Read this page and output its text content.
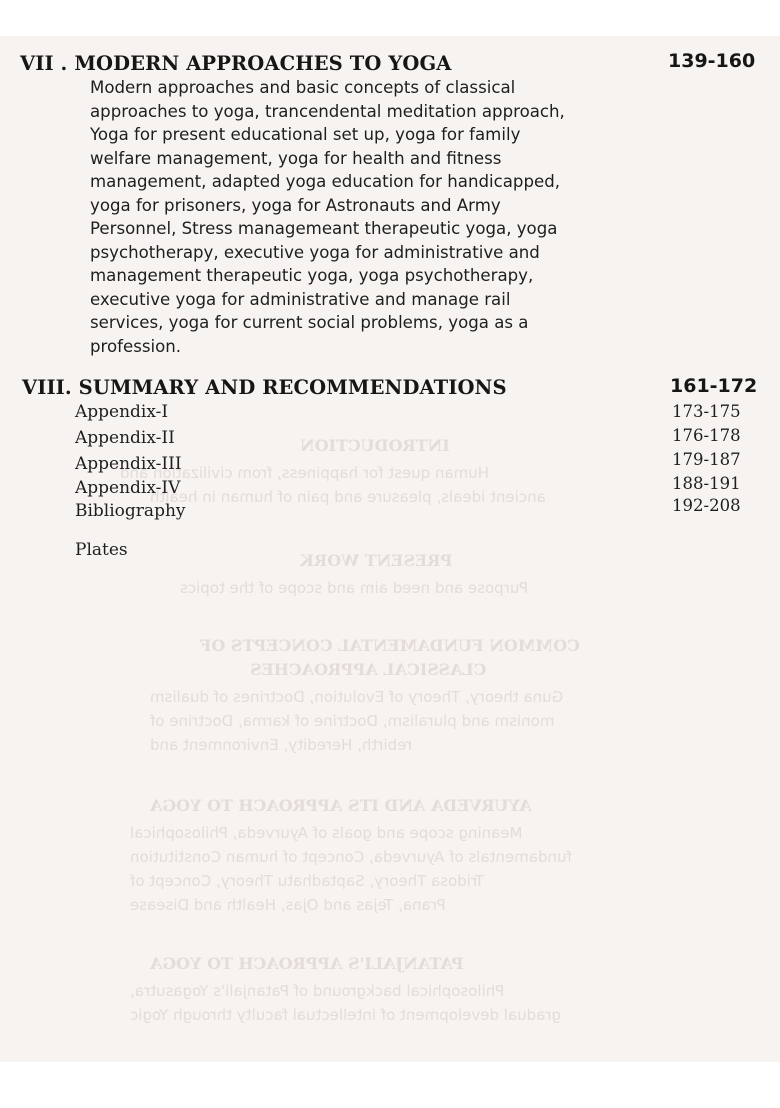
INTRODUCTION
Human quest for happiness, from civilization and
ancient ideals, pleasure and pain of human in health
PRESENT WORK
Purpose and need aim and scope of the topics
COMMON FUNDAMENTAL CONCEPTS OF
CLASSICAL APPROACHES
Guna theory, Theory of Evolution, Doctrines of dualism
monism and pluralism, Doctrine of karma, Doctrine of
rebirth, Heredity, Environment and
AYURVEDA AND ITS APPROACH TO YOGA
Meaning scope and goals of Ayurveda, Philosophical
fundamentals of Ayurveda, Concept of human Constitution
Tridosa Theory, Saptadhatu Theory, Concept of
Prana, Tejas and Ojas, Health and Disease
PATANJALI'S APPROACH TO YOGA
Philosophical background of Patanjali's Yogasutra,
gradual development of intellectual faculty through Yogic
VII . MODERN APPROACHES TO YOGA	139-160
Modern approaches and basic concepts of classical
approaches to yoga, trancendental meditation approach,
Yoga for present educational set up, yoga for family
welfare management, yoga for health and fitness
management, adapted yoga education for handicapped,
yoga for prisoners, yoga for Astronauts and Army
Personnel, Stress managemeant therapeutic yoga, yoga
psychotherapy, executive yoga for administrative and
management therapeutic yoga, yoga psychotherapy,
executive yoga for administrative and manage rail
services, yoga for current social problems, yoga as a
profession.
VIII. SUMMARY AND RECOMMENDATIONS	161-172
Appendix-I	173-175
Appendix-II	176-178
Appendix-III	179-187
Appendix-IV	188-191
Bibliography	192-208
Plates
